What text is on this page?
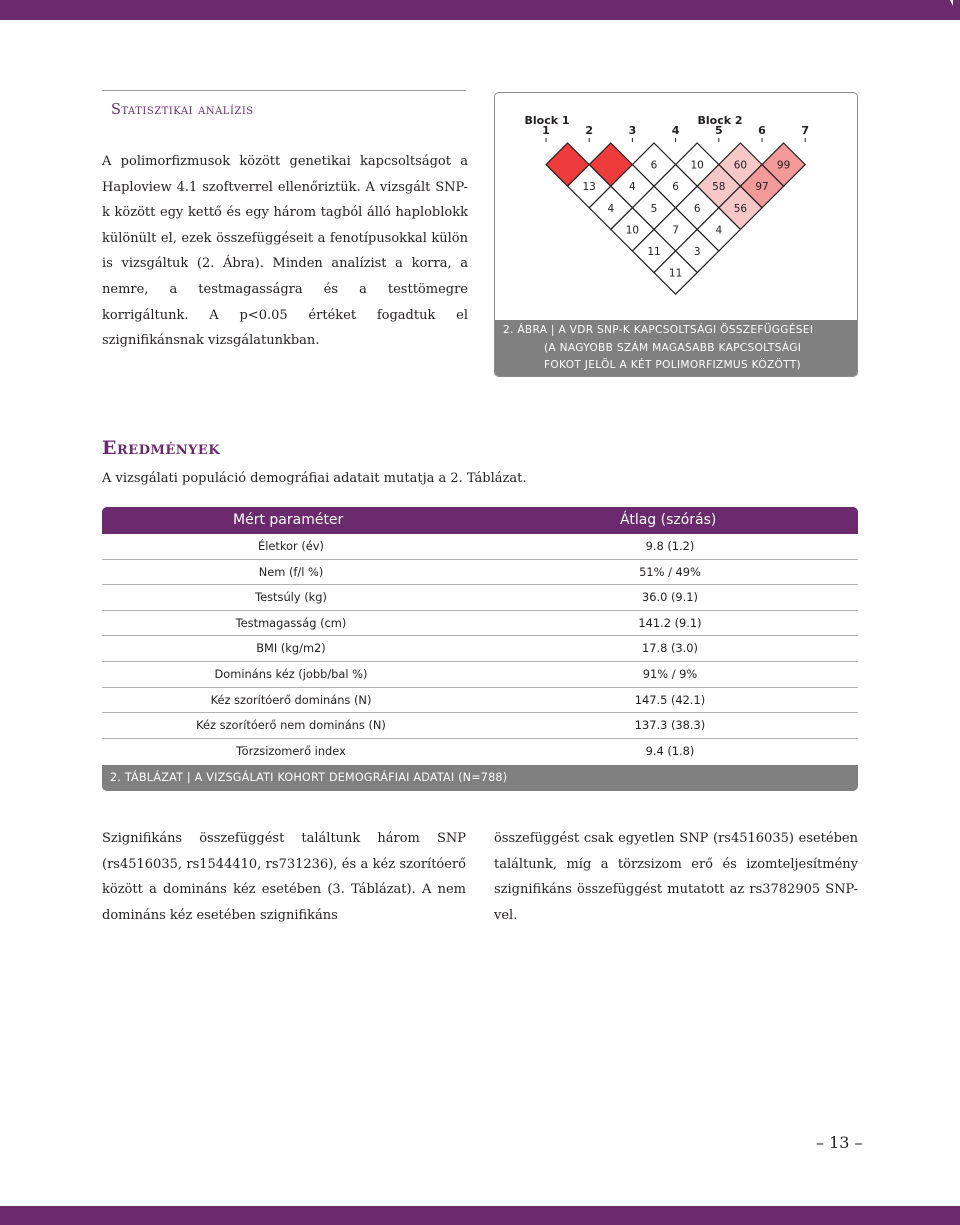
Statisztikai analízis

A polimorfizmusok között genetikai kapcsoltságot a Haploview 4.1 szoftverrel ellenőriztük. A vizsgált SNP-k között egy kettő és egy három tagból álló haploblokk különült el, ezek összefüggéseit a fenotípusokkal külön is vizsgáltuk (2. Ábra). Minden analízist a korra, a nemre, a testmagasságra és a testtömegre korrigáltunk. A p<0.05 értéket fogadtuk el szignifikánsnak vizsgálatunkban.

Block 1	Block 2
1	2	3	4	5	6	7
6	10	60	99
13	4	6	58	97
4	5	6	56
10	7	4
11	3
11
2. ÁBRA | A VDR SNP-K KAPCSOLTSÁGI ÖSSZEFÜGGÉSEI
(A NAGYOBB SZÁM MAGASABB KAPCSOLTSÁGI
FOKOT JELÖL A KÉT POLIMORFIZMUS KÖZÖTT)
Eredmények

A vizsgálati populáció demográfiai adatait mutatja a 2. Táblázat.

Mért paraméter	Átlag (szórás)
Életkor (év)	9.8 (1.2)
Nem (f/l %)	51% / 49%
Testsúly (kg)	36.0 (9.1)
Testmagasság (cm)	141.2 (9.1)
BMI (kg/m2)	17.8 (3.0)
Domináns kéz (jobb/bal %)	91% / 9%
Kéz szorítóerő domináns (N)	147.5 (42.1)
Kéz szorítóerő nem domináns (N)	137.3 (38.3)
Törzsizomerő index	9.4 (1.8)
2. TÁBLÁZAT | A VIZSGÁLATI KOHORT DEMOGRÁFIAI ADATAI (N=788)

Szignifikáns összefüggést találtunk három SNP (rs4516035, rs1544410, rs731236), és a kéz szorítóerő között a domináns kéz esetében (3. Táblázat). A nem domináns kéz esetében szignifikáns

összefüggést csak egyetlen SNP (rs4516035) esetében találtunk, míg a törzsizom erő és izomteljesítmény szignifikáns összefüggést mutatott az rs3782905 SNP-vel.

– 13 –
